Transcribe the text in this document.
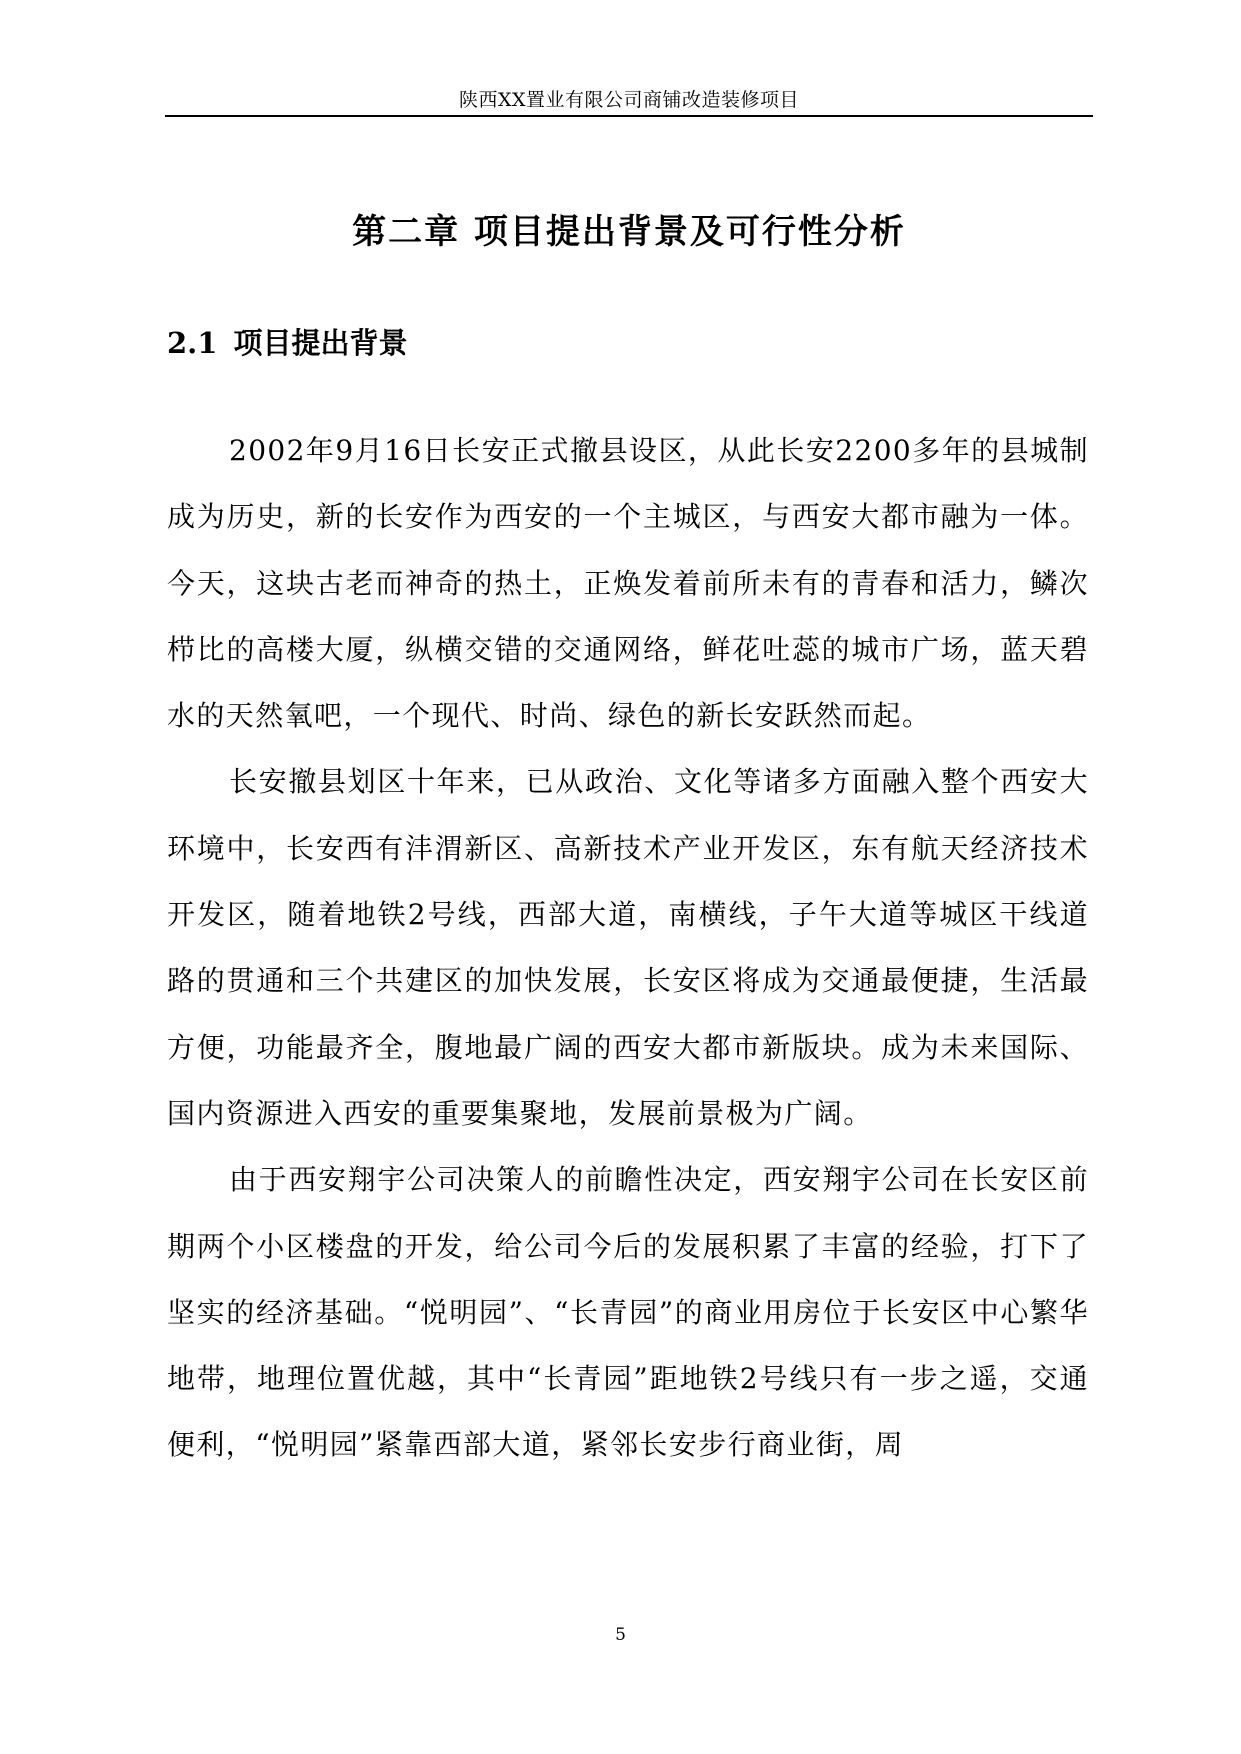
陕西XX置业有限公司商铺改造装修项目
第二章 项目提出背景及可行性分析
2.1 项目提出背景

2002年9月16日长安正式撤县设区，从此长安2200多年的县城制成为历史，新的长安作为西安的一个主城区，与西安大都市融为一体。今天，这块古老而神奇的热土，正焕发着前所未有的青春和活力，鳞次栉比的高楼大厦，纵横交错的交通网络，鲜花吐蕊的城市广场，蓝天碧水的天然氧吧，一个现代、时尚、绿色的新长安跃然而起。

长安撤县划区十年来，已从政治、文化等诸多方面融入整个西安大环境中，长安西有沣渭新区、高新技术产业开发区，东有航天经济技术开发区，随着地铁2号线，西部大道，南横线，子午大道等城区干线道路的贯通和三个共建区的加快发展，长安区将成为交通最便捷，生活最方便，功能最齐全，腹地最广阔的西安大都市新版块。成为未来国际、国内资源进入西安的重要集聚地，发展前景极为广阔。

由于西安翔宇公司决策人的前瞻性决定，西安翔宇公司在长安区前期两个小区楼盘的开发，给公司今后的发展积累了丰富的经验，打下了坚实的经济基础。“悦明园”、“长青园”的商业用房位于长安区中心繁华地带，地理位置优越，其中“长青园”距地铁2号线只有一步之遥，交通便利，“悦明园”紧靠西部大道，紧邻长安步行商业街，周

5
